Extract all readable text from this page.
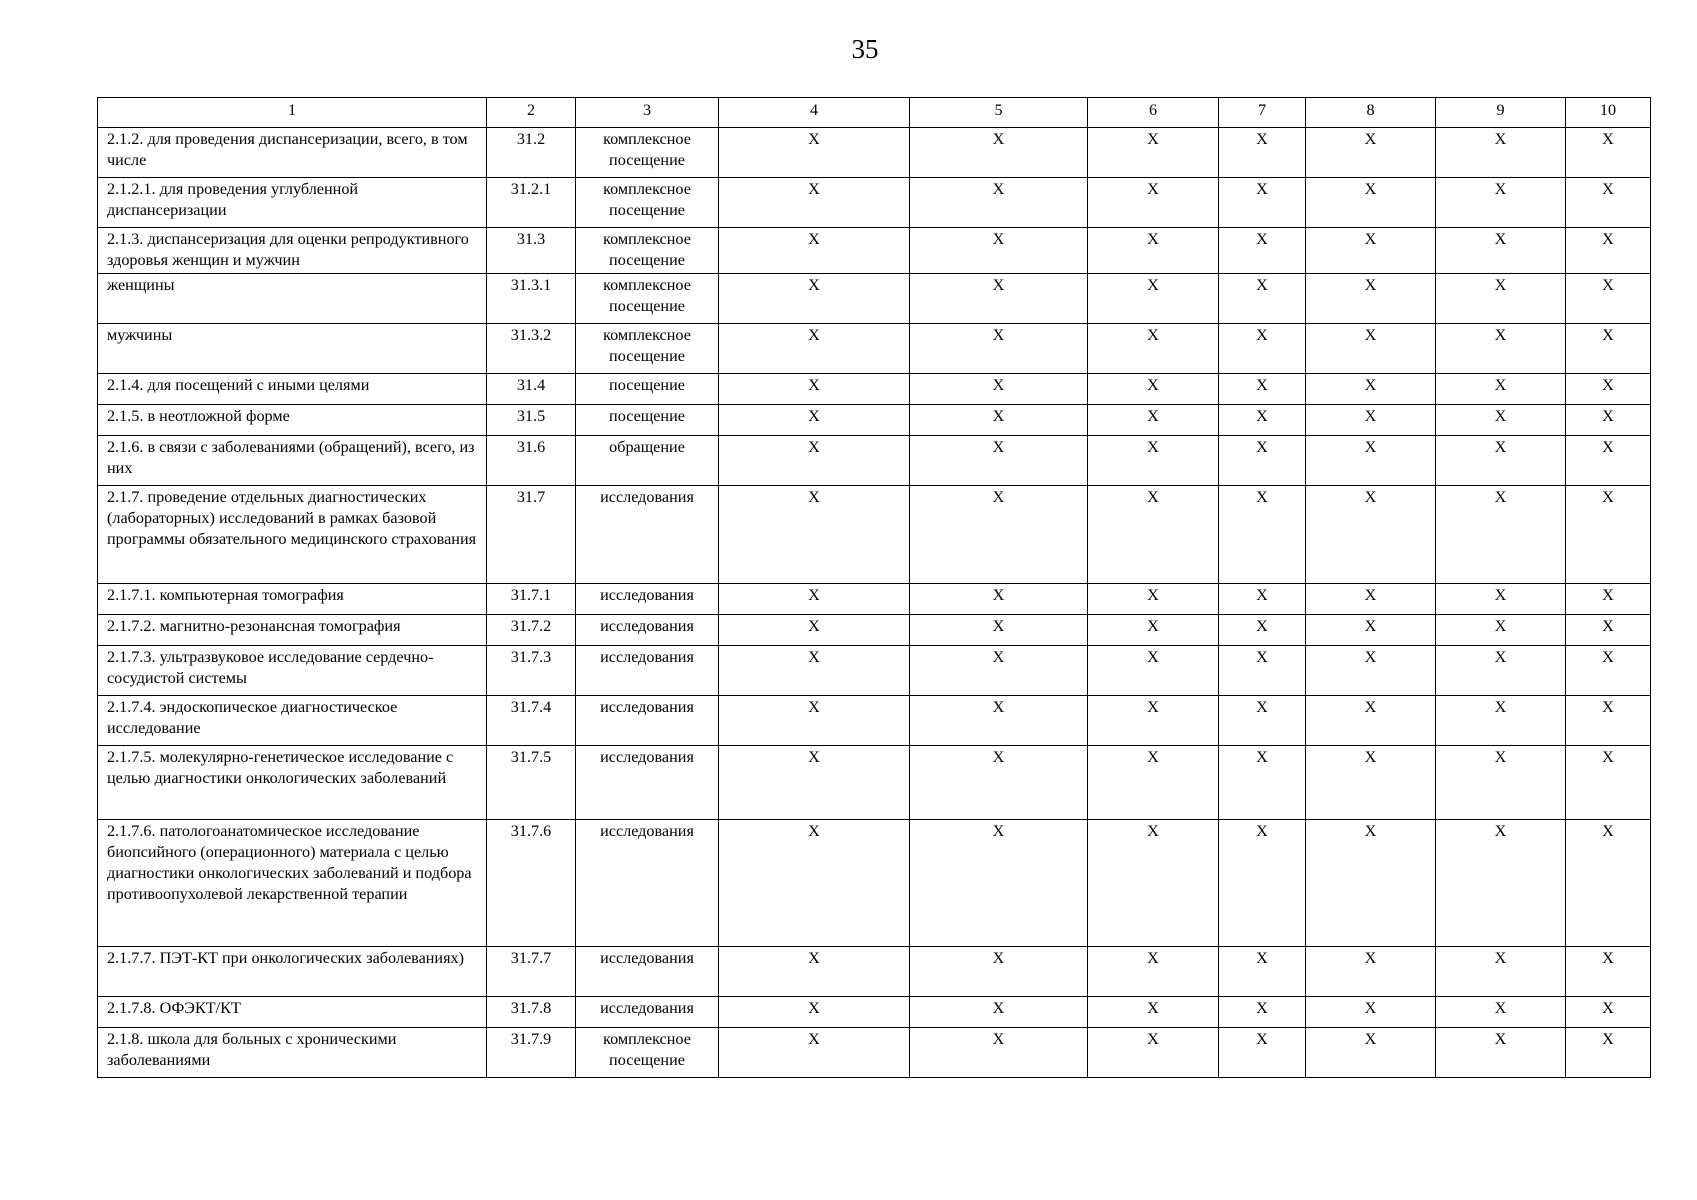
35
1	2	3	4	5	6	7	8	9	10
2.1.2. для проведения диспансеризации, всего, в том числе	31.2	комплексное посещение	Х	Х	Х	Х	Х	Х	Х
2.1.2.1. для проведения углубленной диспансеризации	31.2.1	комплексное посещение	Х	Х	Х	Х	Х	Х	Х
2.1.3. диспансеризация для оценки репродуктивного здоровья женщин и мужчин	31.3	комплексное посещение	Х	Х	Х	Х	Х	Х	Х
женщины	31.3.1	комплексное посещение	Х	Х	Х	Х	Х	Х	Х
мужчины	31.3.2	комплексное посещение	Х	Х	Х	Х	Х	Х	Х
2.1.4. для посещений с иными целями	31.4	посещение	Х	Х	Х	Х	Х	Х	Х
2.1.5. в неотложной форме	31.5	посещение	Х	Х	Х	Х	Х	Х	Х
2.1.6. в связи с заболеваниями (обращений), всего, из них	31.6	обращение	Х	Х	Х	Х	Х	Х	Х
2.1.7. проведение отдельных диагностических (лабораторных) исследований в рамках базовой программы обязательного медицинского страхования	31.7	исследования	Х	Х	Х	Х	Х	Х	Х
2.1.7.1. компьютерная томография	31.7.1	исследования	Х	Х	Х	Х	Х	Х	Х
2.1.7.2. магнитно-резонансная томография	31.7.2	исследования	Х	Х	Х	Х	Х	Х	Х
2.1.7.3. ультразвуковое исследование сердечно-сосудистой системы	31.7.3	исследования	Х	Х	Х	Х	Х	Х	Х
2.1.7.4. эндоскопическое диагностическое исследование	31.7.4	исследования	Х	Х	Х	Х	Х	Х	Х
2.1.7.5. молекулярно-генетическое исследование с целью диагностики онкологических заболеваний	31.7.5	исследования	Х	Х	Х	Х	Х	Х	Х
2.1.7.6. патологоанатомическое исследование биопсийного (операционного) материала с целью диагностики онкологических заболеваний и подбора противоопухолевой лекарственной терапии	31.7.6	исследования	Х	Х	Х	Х	Х	Х	Х
2.1.7.7. ПЭТ-КТ при онкологических заболеваниях)	31.7.7	исследования	Х	Х	Х	Х	Х	Х	Х
2.1.7.8. ОФЭКТ/КТ	31.7.8	исследования	Х	Х	Х	Х	Х	Х	Х
2.1.8. школа для больных с хроническими заболеваниями	31.7.9	комплексное посещение	Х	Х	Х	Х	Х	Х	Х
